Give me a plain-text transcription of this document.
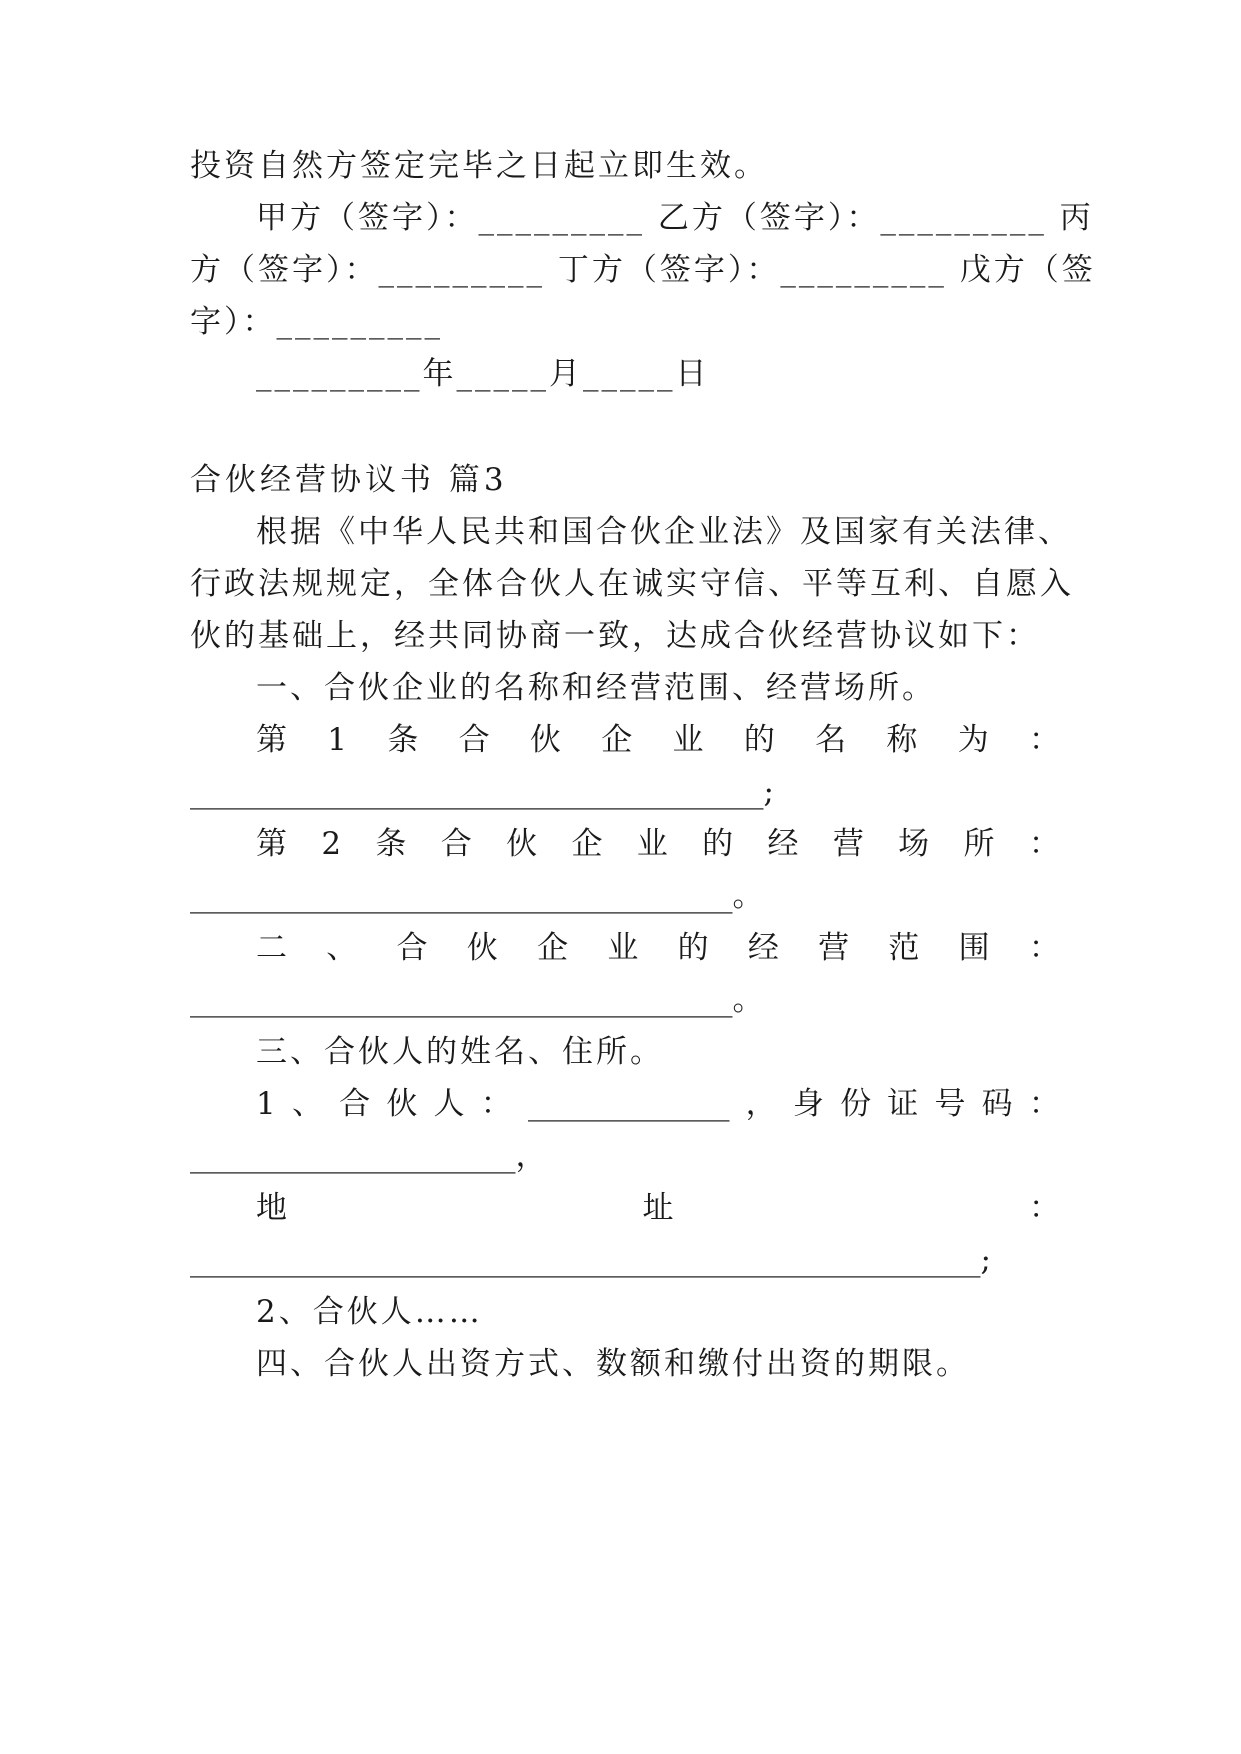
投资自然方签定完毕之日起立即生效。
甲方（签字）：_________ 乙方（签字）：_________ 丙
方（签字）：_________ 丁方（签字）：_________ 戊方（签
字）：_________
_________年_____月_____日
合伙经营协议书 篇3
根据《中华人民共和国合伙企业法》及国家有关法律、
行政法规规定，全体合伙人在诚实守信、平等互利、自愿入
伙的基础上，经共同协商一致，达成合伙经营协议如下：
一、合伙企业的名称和经营范围、经营场所。
第 1 条 合 伙 企 业 的 名 称 为 ：
_____________________________________;
第 2 条 合 伙 企 业 的 经 营 场 所 ：
___________________________________。
二 、 合 伙 企 业 的 经 营 范 围 ：
___________________________________。
三、合伙人的姓名、住所。
1 、 合 伙 人 ： _____________ ， 身 份 证 号 码 ：
_____________________，
地	址	：
___________________________________________________;
2、合伙人……
四、合伙人出资方式、数额和缴付出资的期限。
